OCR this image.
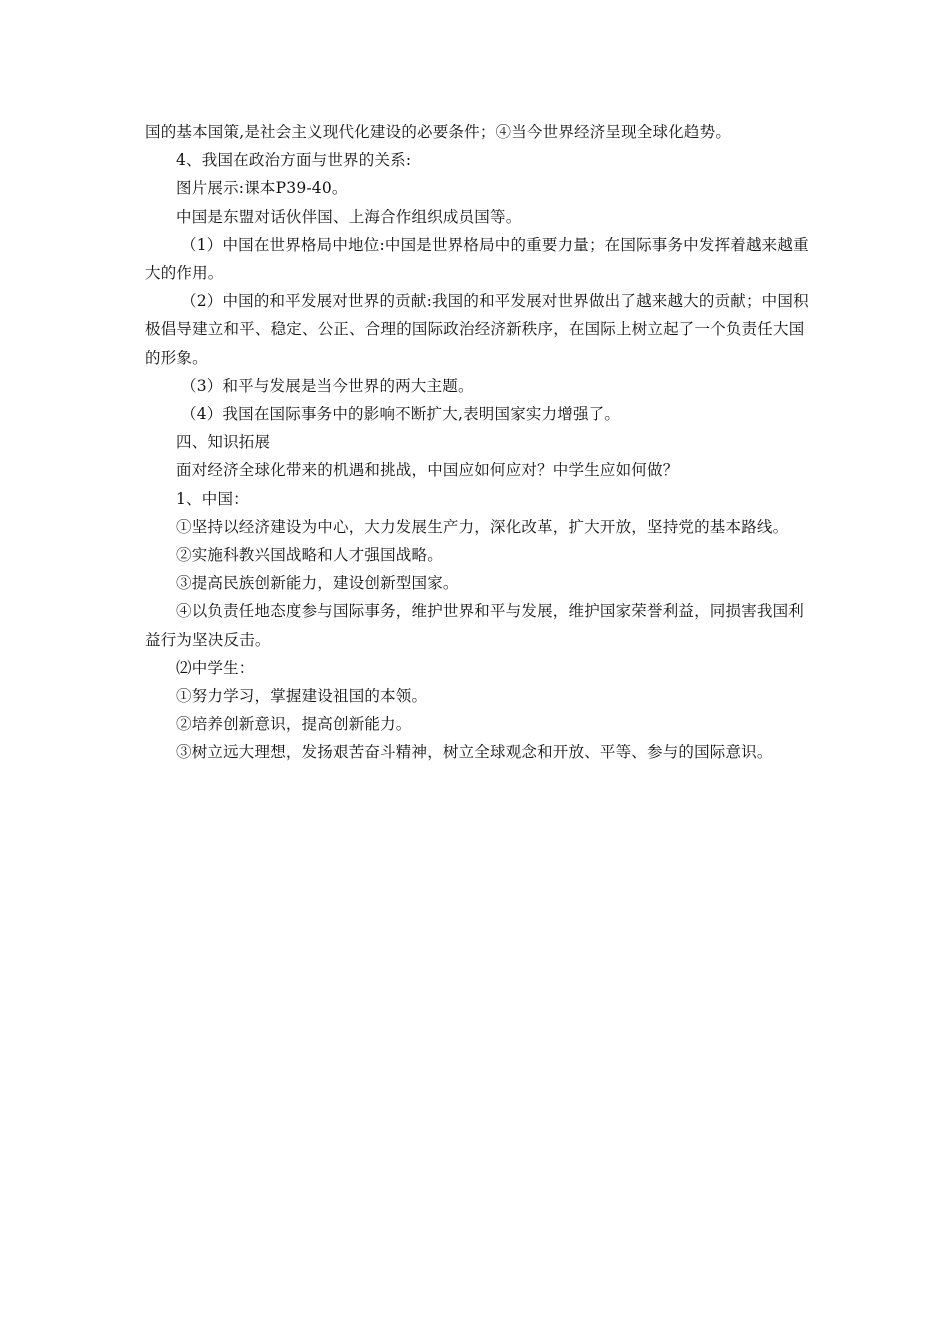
国的基本国策,是社会主义现代化建设的必要条件；④当今世界经济呈现全球化趋势。

4、我国在政治方面与世界的关系:

图片展示:课本P39-40。

中国是东盟对话伙伴国、上海合作组织成员国等。

（1）中国在世界格局中地位:中国是世界格局中的重要力量；在国际事务中发挥着越来越重大的作用。

（2）中国的和平发展对世界的贡献:我国的和平发展对世界做出了越来越大的贡献；中国积极倡导建立和平、稳定、公正、合理的国际政治经济新秩序，在国际上树立起了一个负责任大国的形象。

（3）和平与发展是当今世界的两大主题。

（4）我国在国际事务中的影响不断扩大,表明国家实力增强了。

四、知识拓展

面对经济全球化带来的机遇和挑战，中国应如何应对？中学生应如何做？

1、中国：

①坚持以经济建设为中心，大力发展生产力，深化改革，扩大开放，坚持党的基本路线。

②实施科教兴国战略和人才强国战略。

③提高民族创新能力，建设创新型国家。

④以负责任地态度参与国际事务，维护世界和平与发展，维护国家荣誉利益，同损害我国利益行为坚决反击。

⑵中学生：

①努力学习，掌握建设祖国的本领。

②培养创新意识，提高创新能力。

③树立远大理想，发扬艰苦奋斗精神，树立全球观念和开放、平等、参与的国际意识。
